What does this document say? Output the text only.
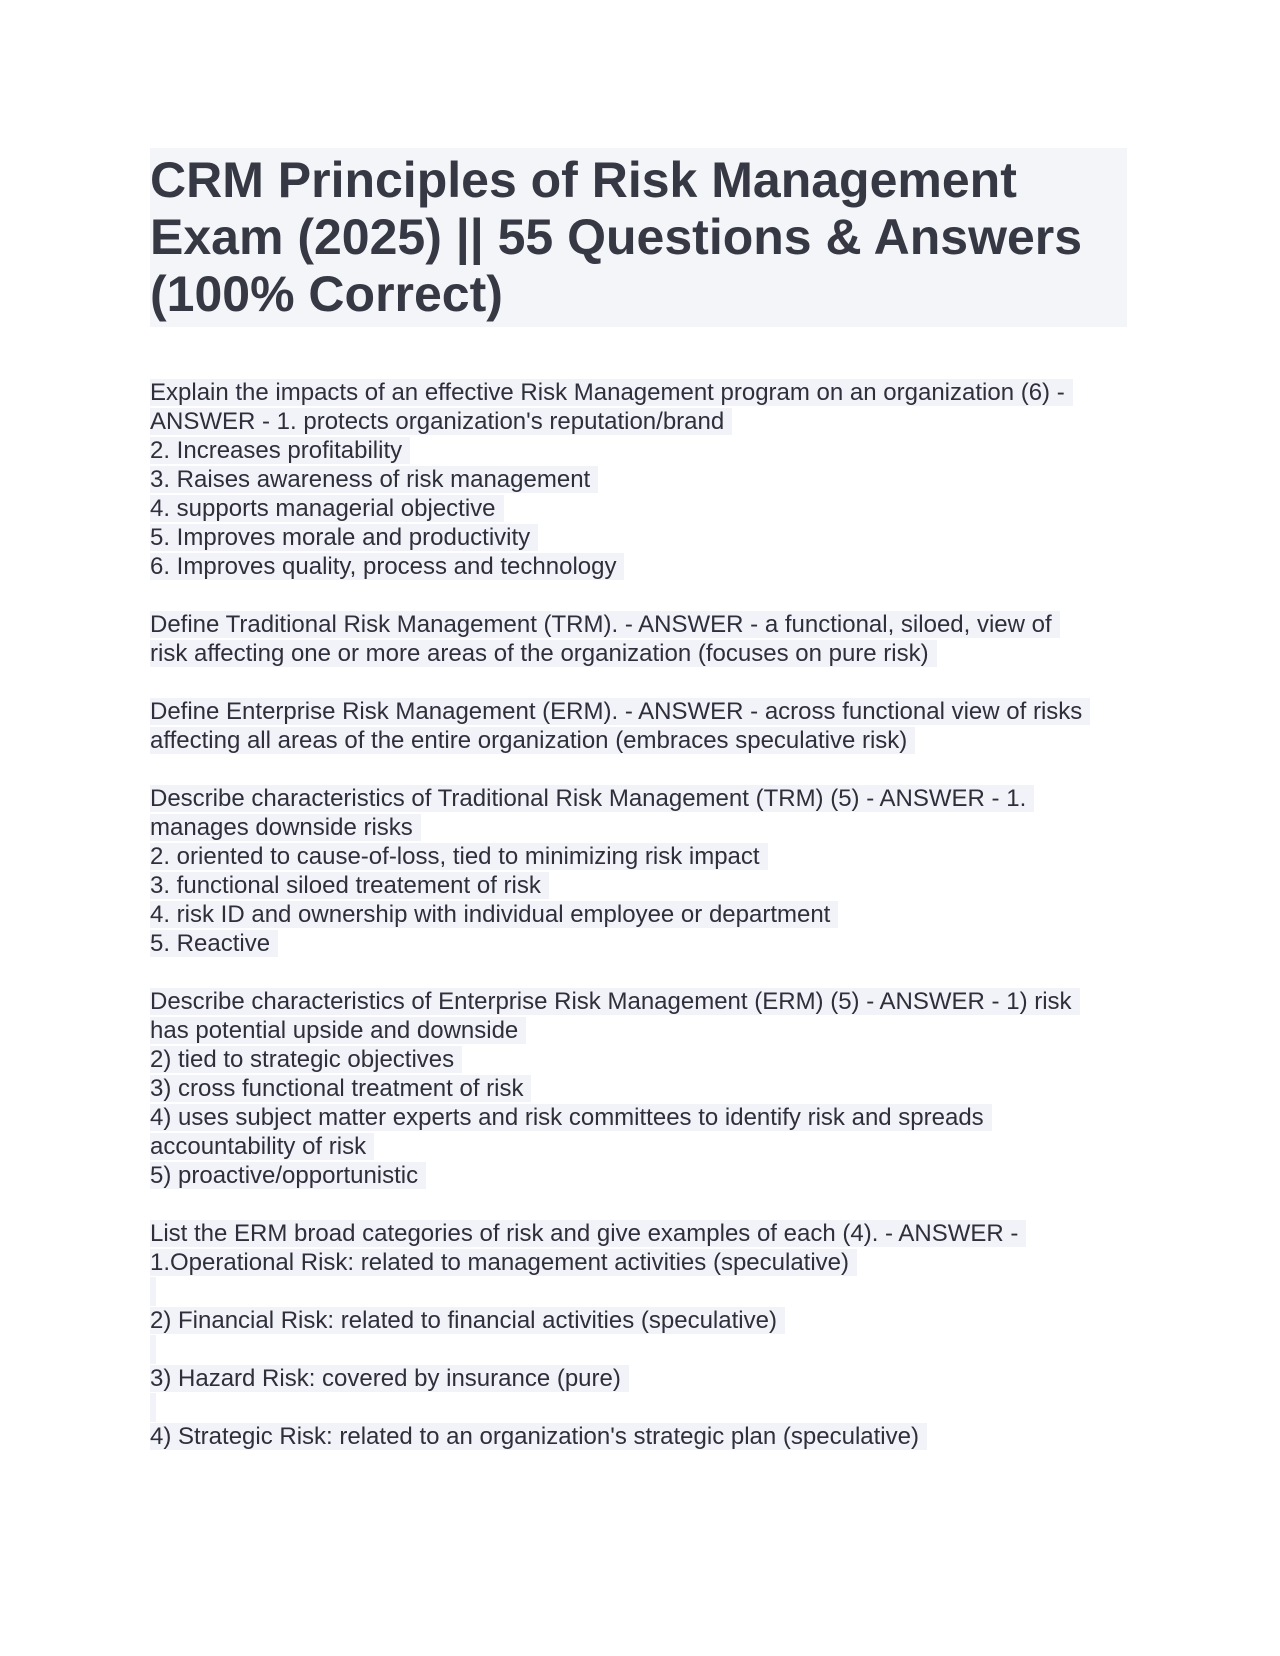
CRM Principles of Risk Management
Exam (2025) || 55 Questions & Answers
(100% Correct)
Explain the impacts of an effective Risk Management program on an organization (6) -
ANSWER - 1. protects organization's reputation/brand
2. Increases profitability
3. Raises awareness of risk management
4. supports managerial objective
5. Improves morale and productivity
6. Improves quality, process and technology
Define Traditional Risk Management (TRM). - ANSWER - a functional, siloed, view of
risk affecting one or more areas of the organization (focuses on pure risk)
Define Enterprise Risk Management (ERM). - ANSWER - across functional view of risks
affecting all areas of the entire organization (embraces speculative risk)
Describe characteristics of Traditional Risk Management (TRM) (5) - ANSWER - 1.
manages downside risks
2. oriented to cause-of-loss, tied to minimizing risk impact
3. functional siloed treatement of risk
4. risk ID and ownership with individual employee or department
5. Reactive
Describe characteristics of Enterprise Risk Management (ERM) (5) - ANSWER - 1) risk
has potential upside and downside
2) tied to strategic objectives
3) cross functional treatment of risk
4) uses subject matter experts and risk committees to identify risk and spreads
accountability of risk
5) proactive/opportunistic
List the ERM broad categories of risk and give examples of each (4). - ANSWER -
1.Operational Risk: related to management activities (speculative)
2) Financial Risk: related to financial activities (speculative)
3) Hazard Risk: covered by insurance (pure)
4) Strategic Risk: related to an organization's strategic plan (speculative)
